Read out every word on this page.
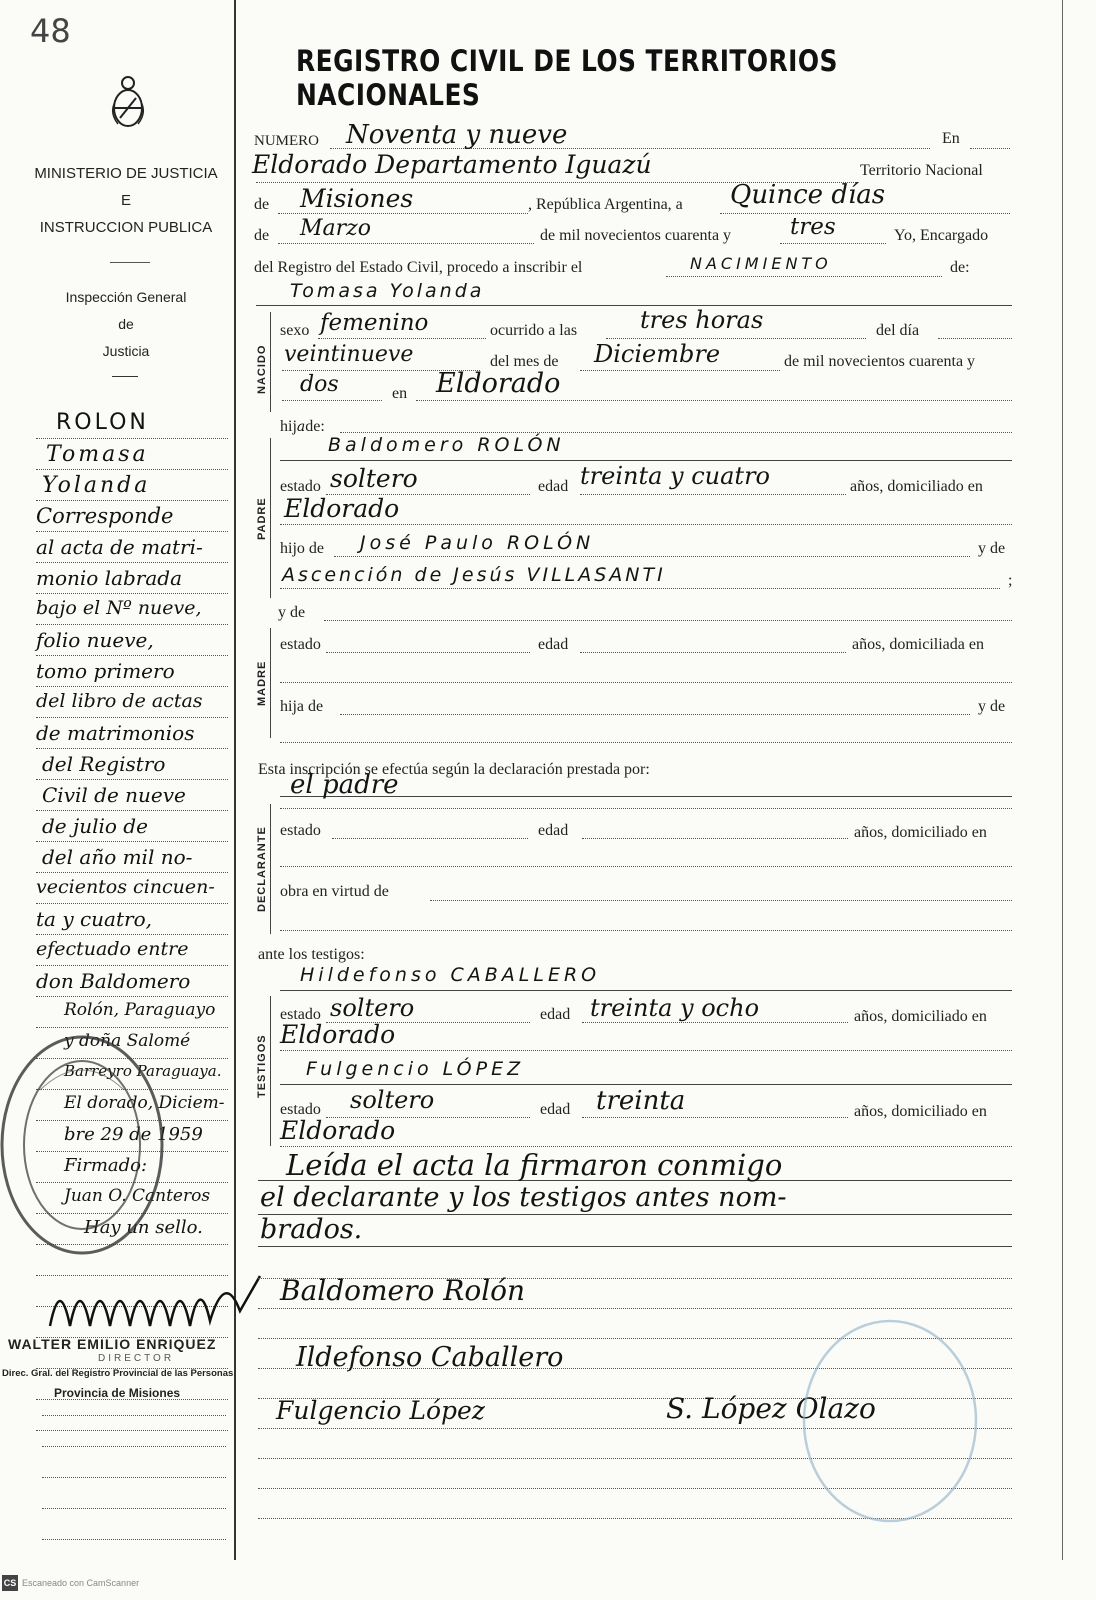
48
MINISTERIO DE JUSTICIA
E
INSTRUCCION PUBLICA
Inspección General
de
Justicia
ROLON
Tomasa
Yolanda
Corresponde
al acta de matri-
monio labrada
bajo el Nº nueve,
folio nueve,
tomo primero
del libro de actas
de matrimonios
del Registro
Civil de nueve
de julio de
del año mil no-
vecientos cincuen-
ta y cuatro,
efectuado entre
don Baldomero
Rolón, Paraguayo
y doña Salomé
Barreyro Paraguaya.
El dorado, Diciem-
bre 29 de 1959
Firmado:
Juan O. Canteros
Hay un sello.
WALTER EMILIO ENRIQUEZ
DIRECTOR
Direc. Gral. del Registro Provincial de las Personas
Provincia de Misiones
REGISTRO CIVIL DE LOS TERRITORIOS NACIONALES
NUMERO Noventa y nueve	En
Eldorado Departamento Iguazú	Territorio Nacional
de Misiones	, República Argentina, a Quince días
de Marzo	de mil novecientos cuarenta y	tres	Yo, Encargado
del Registro del Estado Civil, procedo a inscribir el	NACIMIENTO	de:
Tomasa Yolanda
NACIDO
sexo femenino	ocurrido a las	tres horas	del día
veintinueve	del mes de Diciembre	de mil novecientos cuarenta y
dos	en Eldorado
hijade:
PADRE
Baldomero ROLÓN
estado soltero	edad treinta y cuatro	años, domiciliado en
Eldorado
hijo de José Paulo ROLÓN	y de
Ascención de Jesús VILLASANTI	;
y de
MADRE
estado	edad	años, domiciliada en
hija de	y de
Esta inscripción se efectúa según la declaración prestada por:
el padre
DECLARANTE estado	edad	años, domiciliado en
obra en virtud de
ante los testigos:
Hildefonso CABALLERO
TESTIGOS
estado soltero	edad treinta y ocho	años, domiciliado en
Eldorado
Fulgencio LÓPEZ
estado soltero	edad treinta	años, domiciliado en
Eldorado
Leída el acta la firmaron conmigo
el declarante y los testigos antes nom-
brados.
Baldomero Rolón
Ildefonso Caballero
Fulgencio López	S. López Olazo
CS Escaneado con CamScanner
